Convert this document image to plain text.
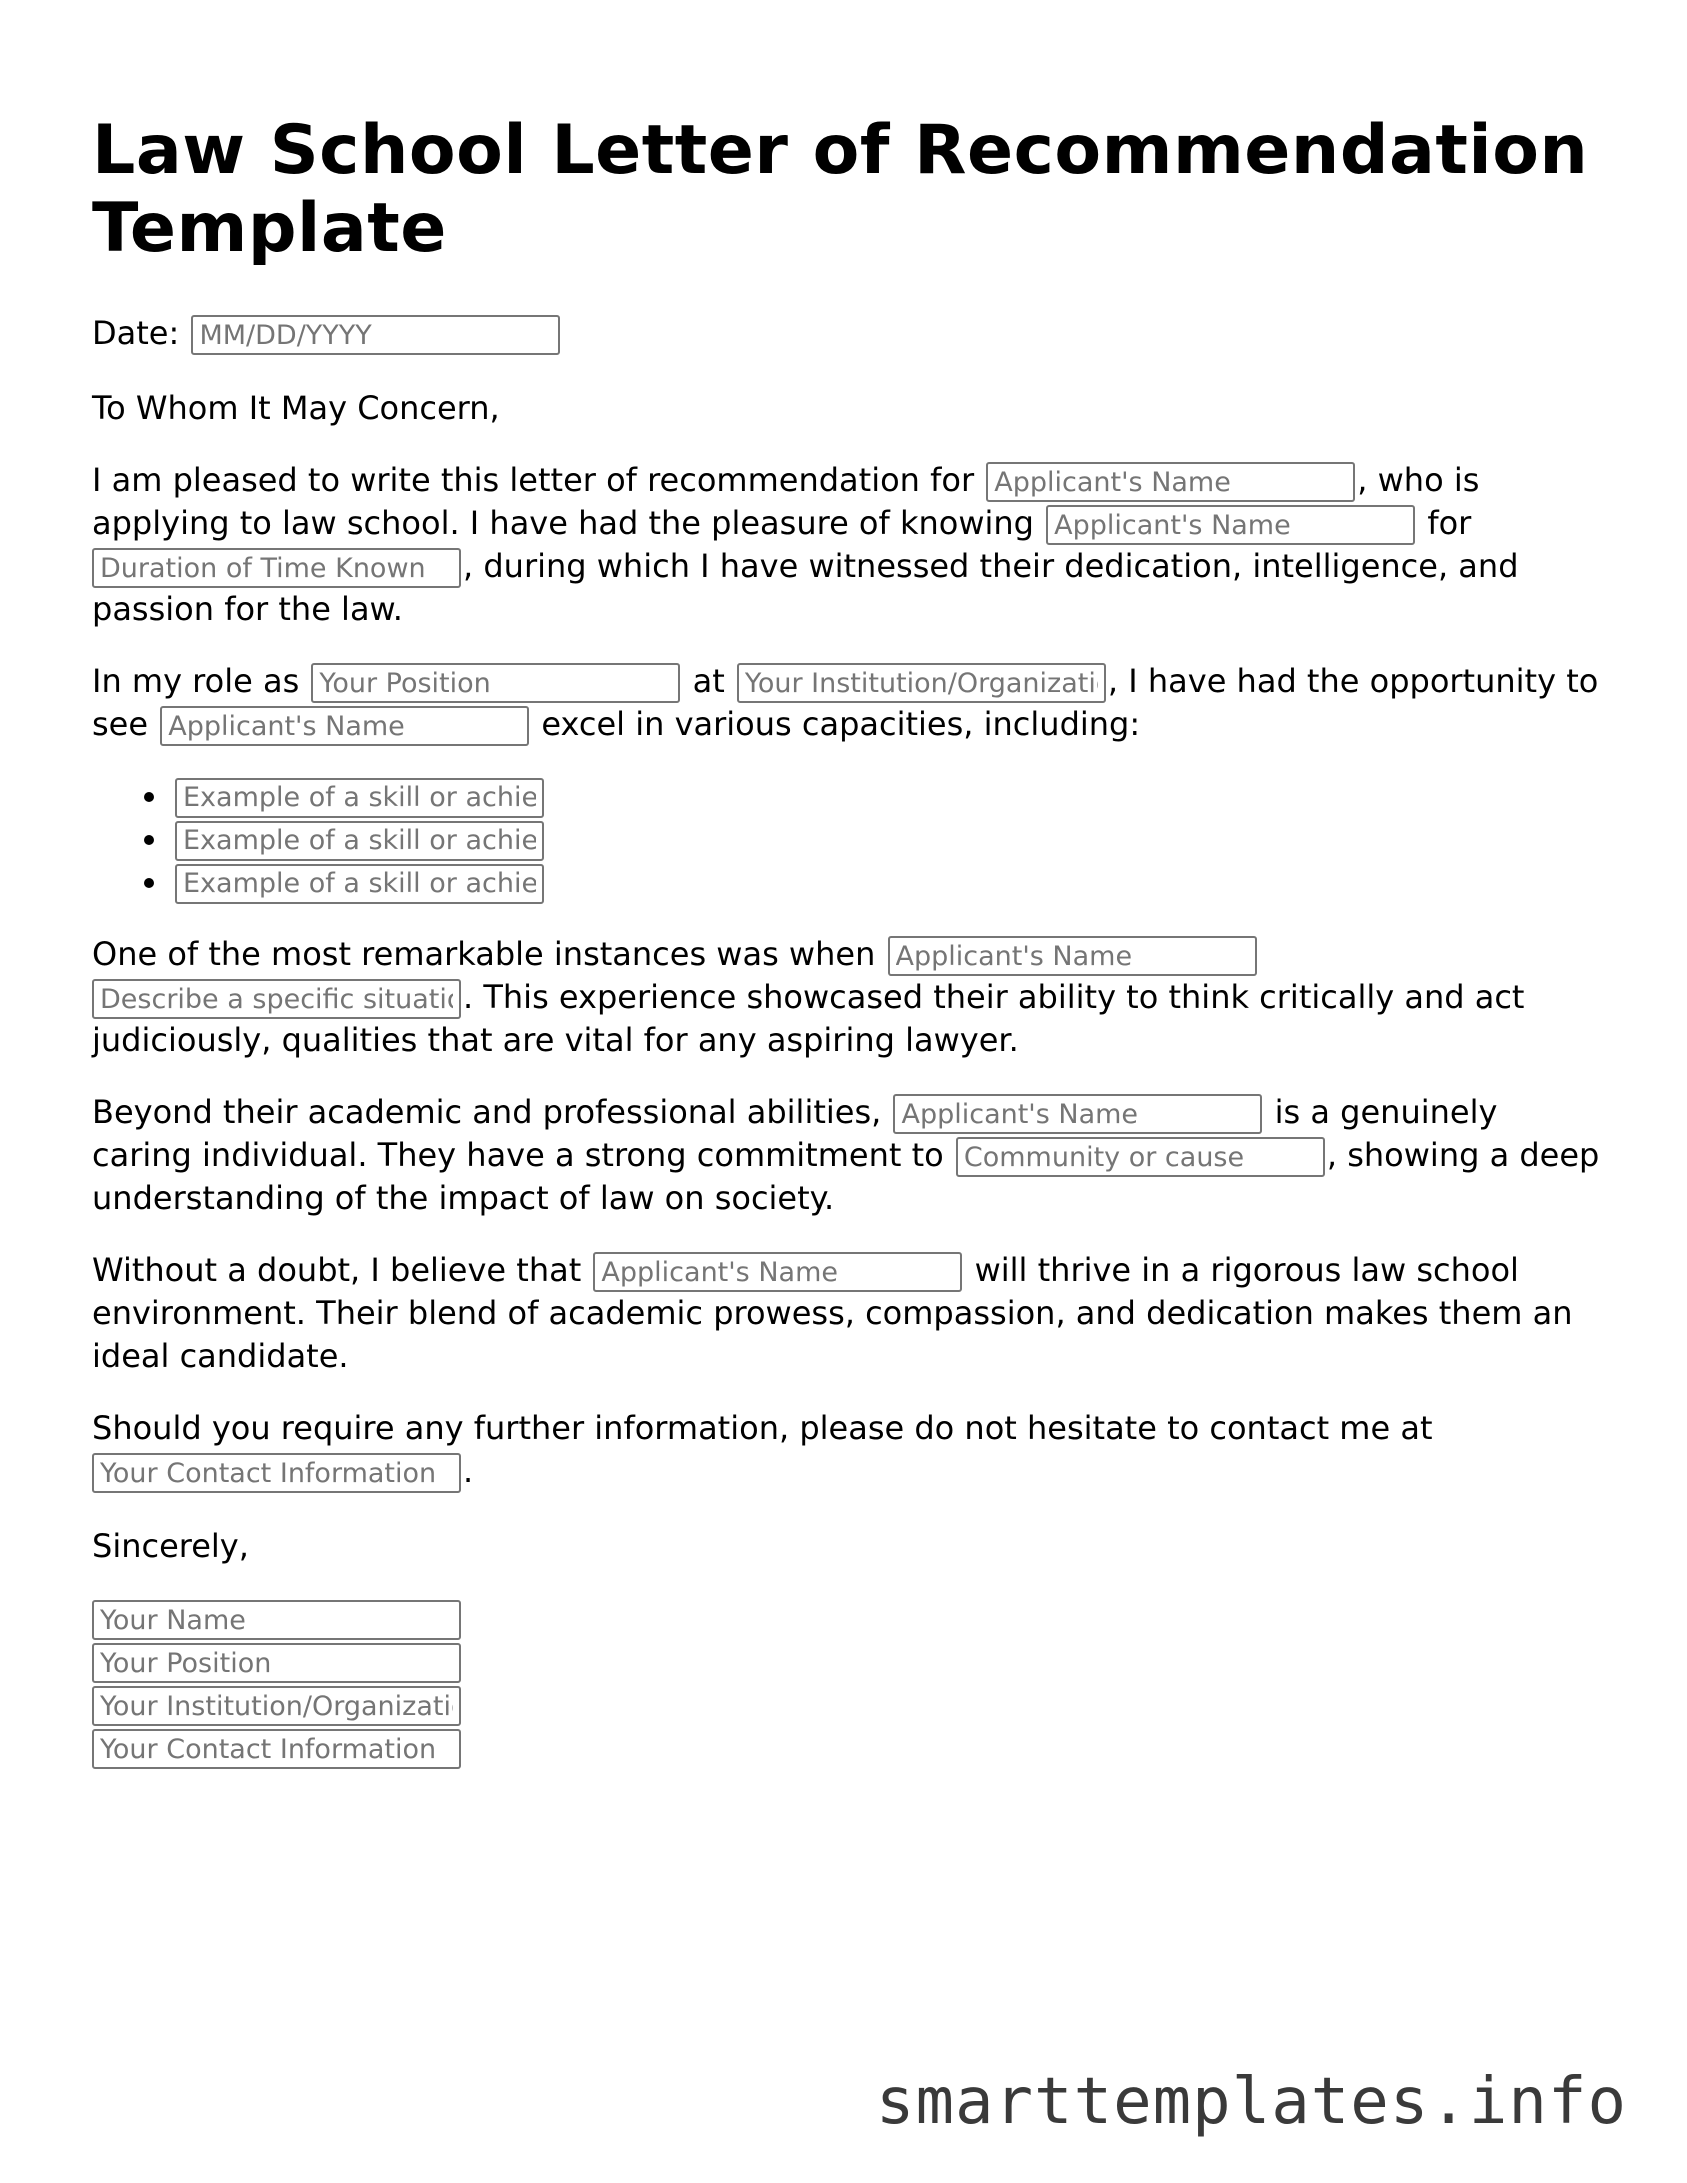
Law School Letter of Recommendation Template

Date: MM/DD/YYYY

To Whom It May Concern,

I am pleased to write this letter of recommendation for Applicant's Name	, who is applying to law school. I have had the pleasure of knowing Applicant's Name	for Duration of Time Known, during which I have witnessed their dedication, intelligence, and passion for the law.

In my role as Your Position	at Your Institution/Organization	, I have had the opportunity to see Applicant's Name	excel in various capacities, including:

Example of a skill or achievement
Example of a skill or achievement
Example of a skill or achievement

One of the most remarkable instances was when Applicant's Name Describe a specific situation. This experience showcased their ability to think critically and act judiciously, qualities that are vital for any aspiring lawyer.

Beyond their academic and professional abilities, Applicant's Name	is a genuinely caring individual. They have a strong commitment to Community or cause	, showing a deep understanding of the impact of law on society.

Without a doubt, I believe that Applicant's Name	will thrive in a rigorous law school environment. Their blend of academic prowess, compassion, and dedication makes them an ideal candidate.

Should you require any further information, please do not hesitate to contact me at Your Contact Information.

Sincerely,

Your Name
Your Position
Your Institution/Organization
Your Contact Information
smarttemplates.info
